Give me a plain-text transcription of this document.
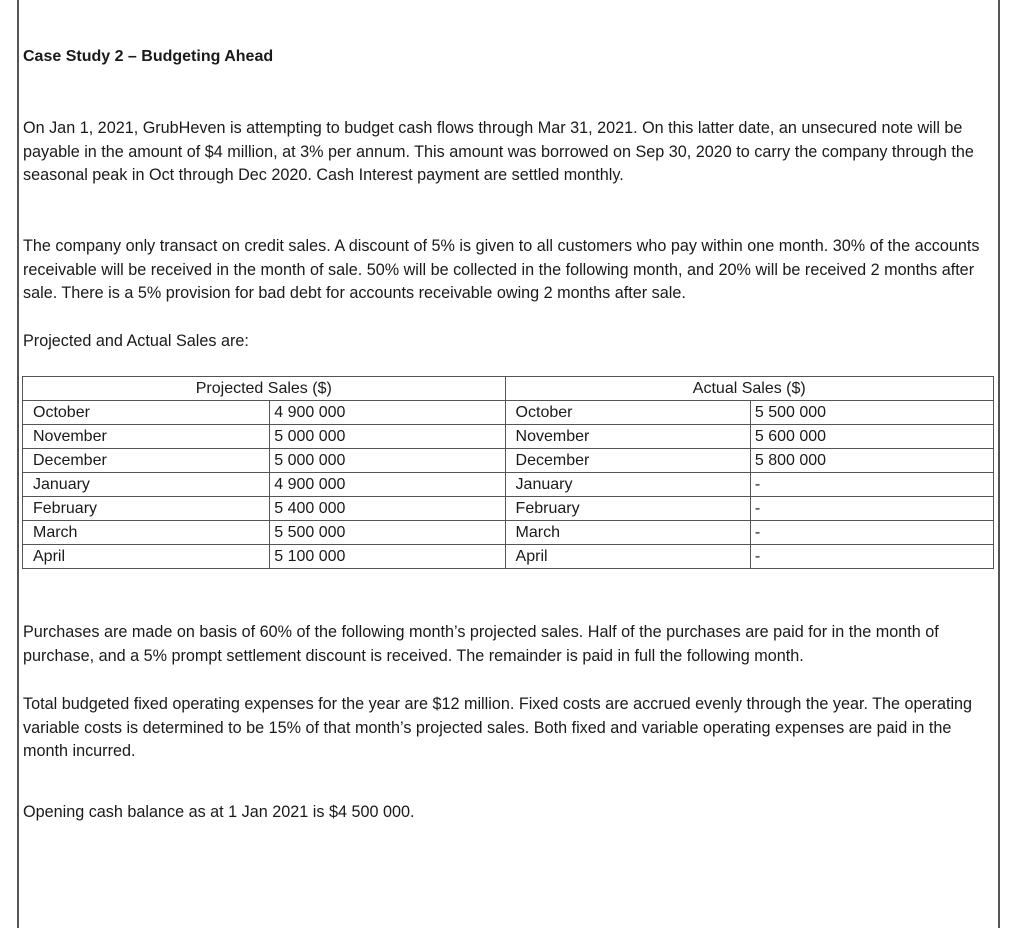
Case Study 2 – Budgeting Ahead

On Jan 1, 2021, GrubHeven is attempting to budget cash flows through Mar 31, 2021. On this latter date, an unsecured note will be payable in the amount of $4 million, at 3% per annum. This amount was borrowed on Sep 30, 2020 to carry the company through the seasonal peak in Oct through Dec 2020. Cash Interest payment are settled monthly.

The company only transact on credit sales. A discount of 5% is given to all customers who pay within one month. 30% of the accounts receivable will be received in the month of sale. 50% will be collected in the following month, and 20% will be received 2 months after sale. There is a 5% provision for bad debt for accounts receivable owing 2 months after sale.

Projected and Actual Sales are:

Projected Sales ($)		Actual Sales ($)	
October	4 900 000	October	5 500 000
November	5 000 000	November	5 600 000
December	5 000 000	December	5 800 000
January	4 900 000	January	-
February	5 400 000	February	-
March	5 500 000	March	-
April	5 100 000	April	-

Purchases are made on basis of 60% of the following month’s projected sales. Half of the purchases are paid for in the month of purchase, and a 5% prompt settlement discount is received. The remainder is paid in full the following month.

Total budgeted fixed operating expenses for the year are $12 million. Fixed costs are accrued evenly through the year. The operating variable costs is determined to be 15% of that month’s projected sales. Both fixed and variable operating expenses are paid in the month incurred.

Opening cash balance as at 1 Jan 2021 is $4 500 000.
